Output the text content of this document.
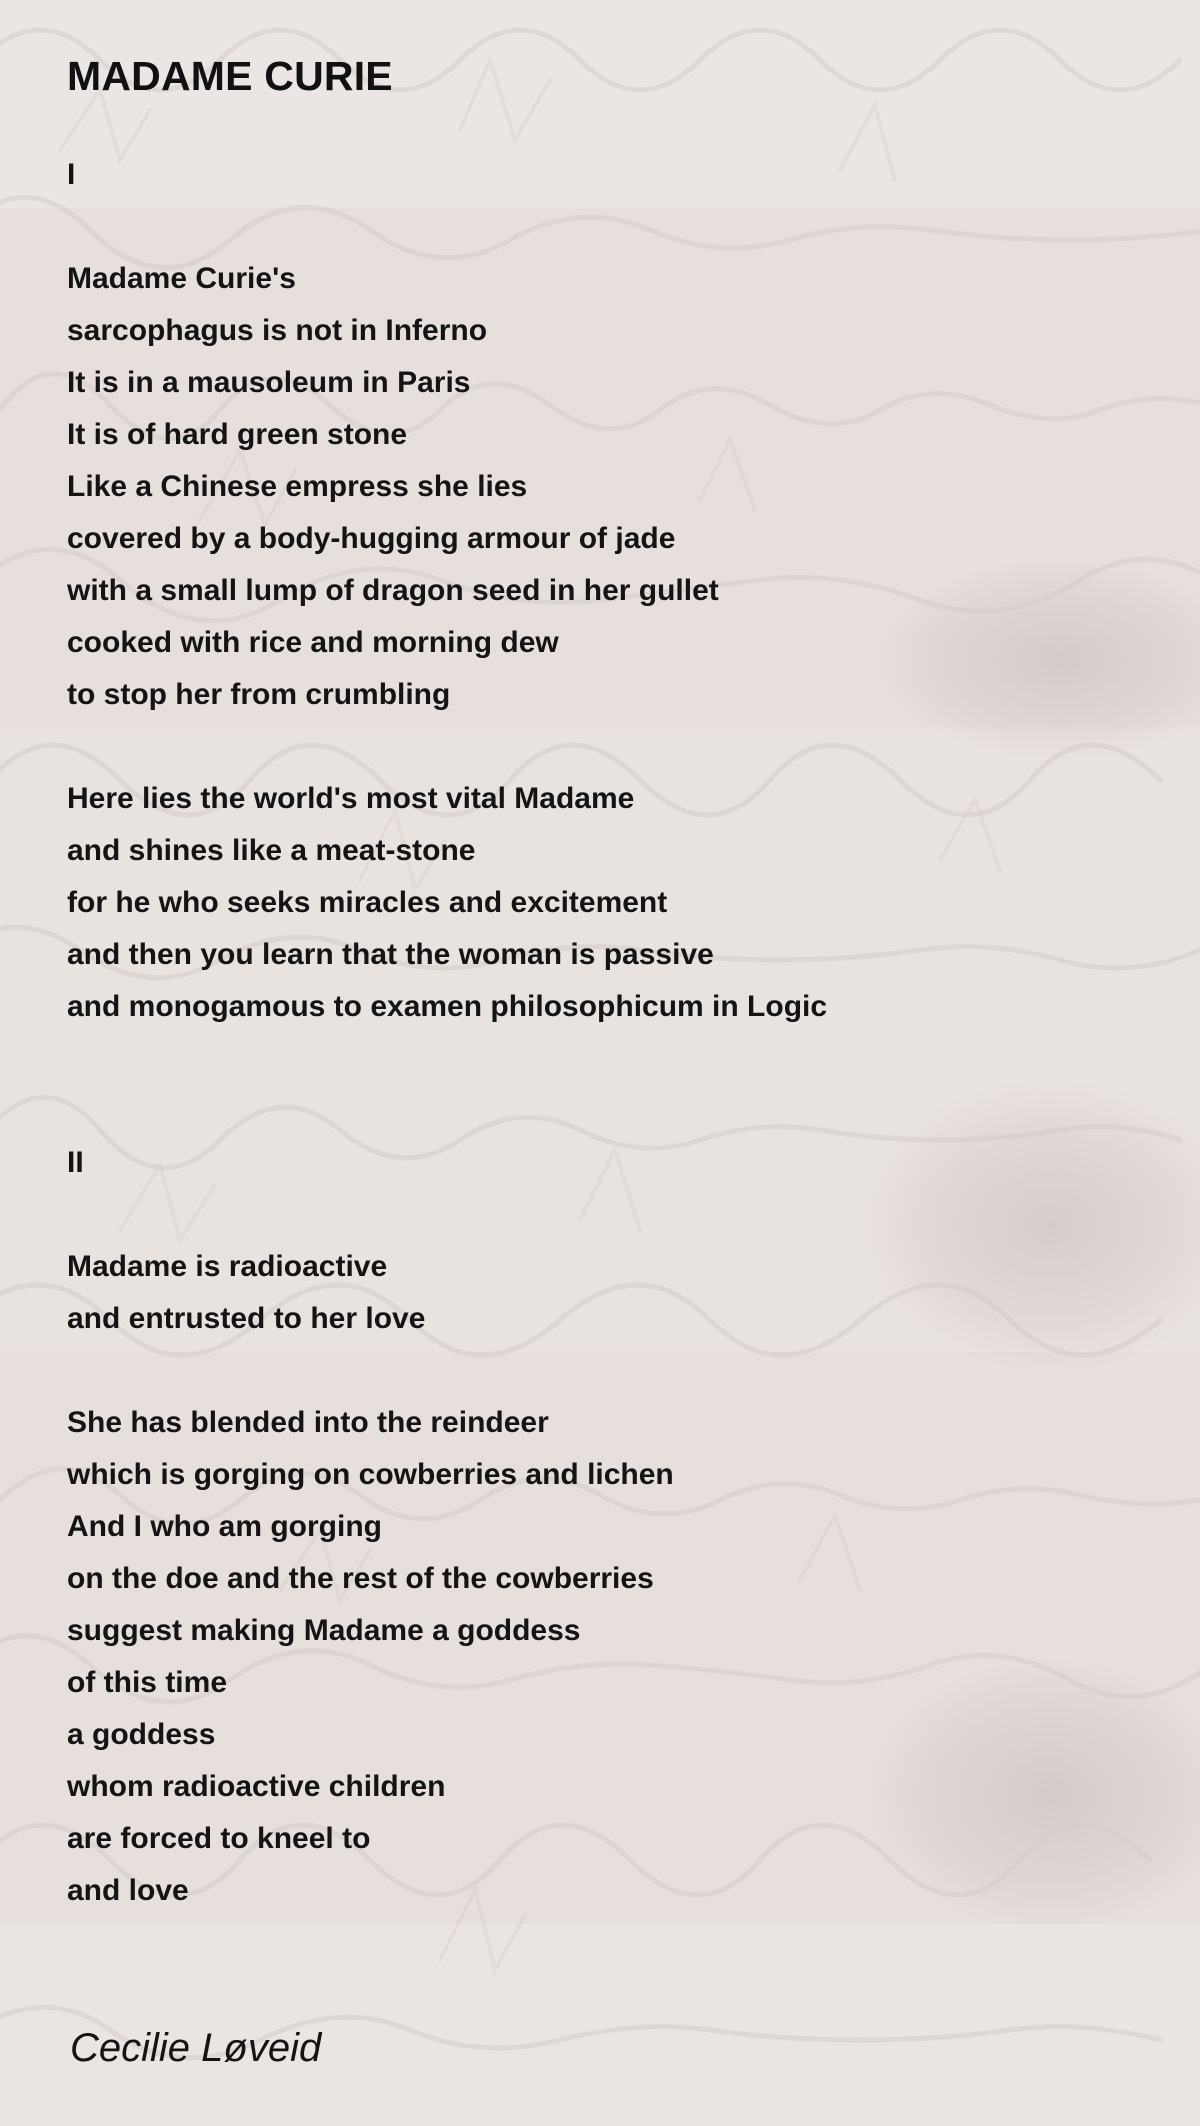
MADAME CURIE
I
Madame Curie's
sarcophagus is not in Inferno
It is in a mausoleum in Paris
It is of hard green stone
Like a Chinese empress she lies
covered by a body-hugging armour of jade
with a small lump of dragon seed in her gullet
cooked with rice and morning dew
to stop her from crumbling
Here lies the world's most vital Madame
and shines like a meat-stone
for he who seeks miracles and excitement
and then you learn that the woman is passive
and monogamous to examen philosophicum in Logic
II
Madame is radioactive
and entrusted to her love
She has blended into the reindeer
which is gorging on cowberries and lichen
And I who am gorging
on the doe and the rest of the cowberries
suggest making Madame a goddess
of this time
a goddess
whom radioactive children
are forced to kneel to
and love
Cecilie Løveid
